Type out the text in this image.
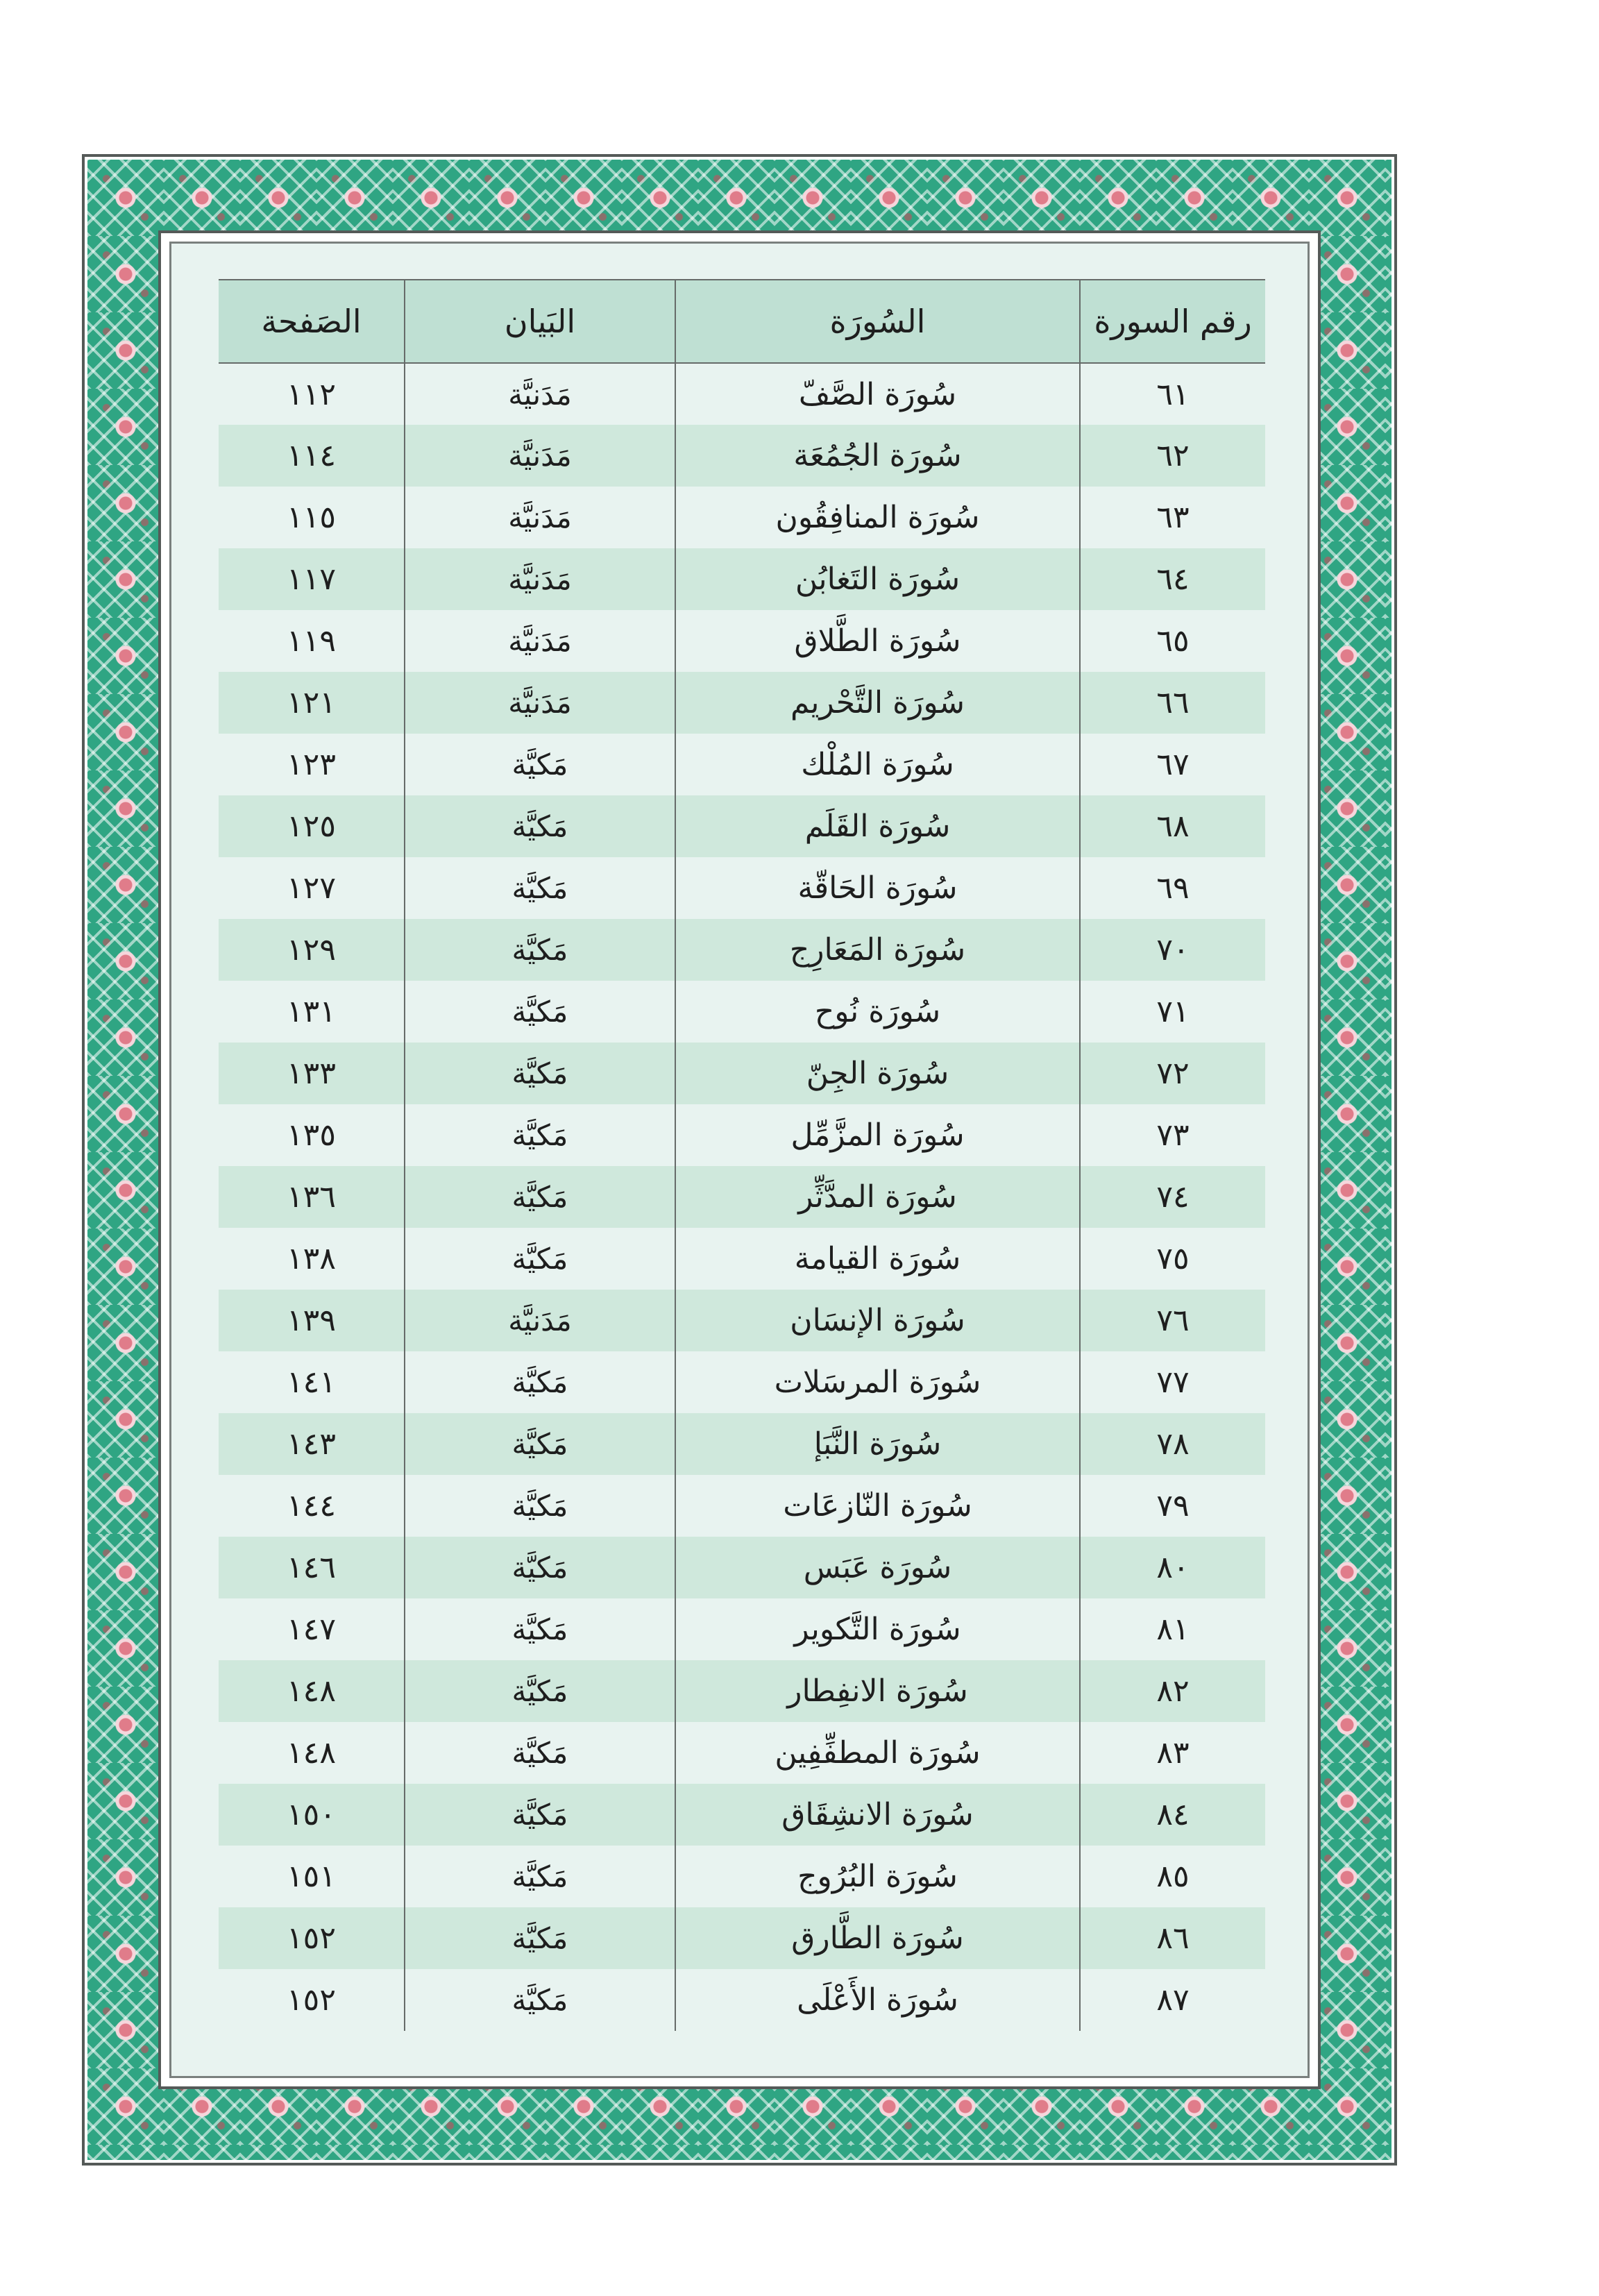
رقم السورة	السُورَة	البَيان	الصَفحة
٦١	سُورَة الصَّفّ	مَدَنيَّة	١١٢
٦٢	سُورَة الجُمُعَة	مَدَنيَّة	١١٤
٦٣	سُورَة المنافِقُون	مَدَنيَّة	١١٥
٦٤	سُورَة التَغابُن	مَدَنيَّة	١١٧
٦٥	سُورَة الطَّلاق	مَدَنيَّة	١١٩
٦٦	سُورَة التَّحْريم	مَدَنيَّة	١٢١
٦٧	سُورَة المُلْك	مَكيَّة	١٢٣
٦٨	سُورَة القَلَم	مَكيَّة	١٢٥
٦٩	سُورَة الحَاقّة	مَكيَّة	١٢٧
٧٠	سُورَة المَعَارِج	مَكيَّة	١٢٩
٧١	سُورَة نُوح	مَكيَّة	١٣١
٧٢	سُورَة الجِنّ	مَكيَّة	١٣٣
٧٣	سُورَة المزَّمِّل	مَكيَّة	١٣٥
٧٤	سُورَة المدَّثِّر	مَكيَّة	١٣٦
٧٥	سُورَة القيامة	مَكيَّة	١٣٨
٧٦	سُورَة الإنسَان	مَدَنيَّة	١٣٩
٧٧	سُورَة المرسَلات	مَكيَّة	١٤١
٧٨	سُورَة النَّبَإ	مَكيَّة	١٤٣
٧٩	سُورَة النّازعَات	مَكيَّة	١٤٤
٨٠	سُورَة عَبَس	مَكيَّة	١٤٦
٨١	سُورَة التَّكوير	مَكيَّة	١٤٧
٨٢	سُورَة الانفِطار	مَكيَّة	١٤٨
٨٣	سُورَة المطفِّفِين	مَكيَّة	١٤٨
٨٤	سُورَة الانشِقَاق	مَكيَّة	١٥٠
٨٥	سُورَة البُرُوج	مَكيَّة	١٥١
٨٦	سُورَة الطَّارق	مَكيَّة	١٥٢
٨٧	سُورَة الأَعْلَى	مَكيَّة	١٥٢
